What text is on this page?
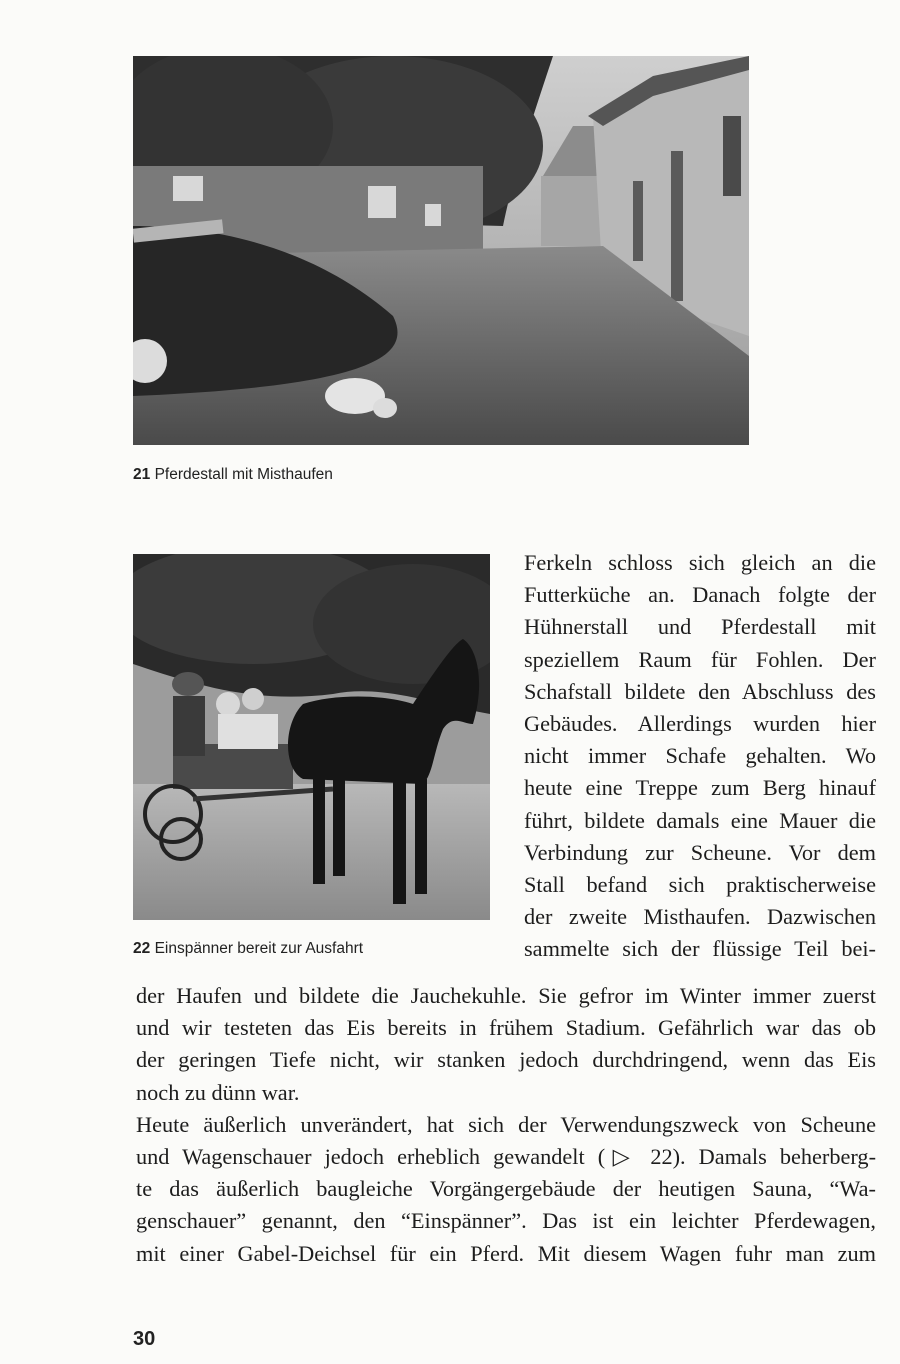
21 Pferdestall mit Misthaufen
22 Einspänner bereit zur Ausfahrt
Ferkeln schloss sich gleich an die
Futterküche an. Danach folgte der
Hühnerstall und Pferdestall mit
speziellem Raum für Fohlen. Der
Schafstall bildete den Abschluss des
Gebäudes. Allerdings wurden hier
nicht immer Schafe gehalten. Wo
heute eine Treppe zum Berg hinauf
führt, bildete damals eine Mauer die
Verbindung zur Scheune. Vor dem
Stall befand sich praktischerweise
der zweite Misthaufen. Dazwischen
sammelte sich der flüssige Teil bei-
der Haufen und bildete die Jauchekuhle. Sie gefror im Winter immer zuerst
und wir testeten das Eis bereits in frühem Stadium. Gefährlich war das ob
der geringen Tiefe nicht, wir stanken jedoch durchdringend, wenn das Eis
noch zu dünn war.
Heute äußerlich unverändert, hat sich der Verwendungszweck von Scheune
und Wagenschauer jedoch erheblich gewandelt (▷ 22). Damals beherberg-
te das äußerlich baugleiche Vorgängergebäude der heutigen Sauna, “Wa-
genschauer” genannt, den “Einspänner”. Das ist ein leichter Pferdewagen,
mit einer Gabel-Deichsel für ein Pferd. Mit diesem Wagen fuhr man zum
30
